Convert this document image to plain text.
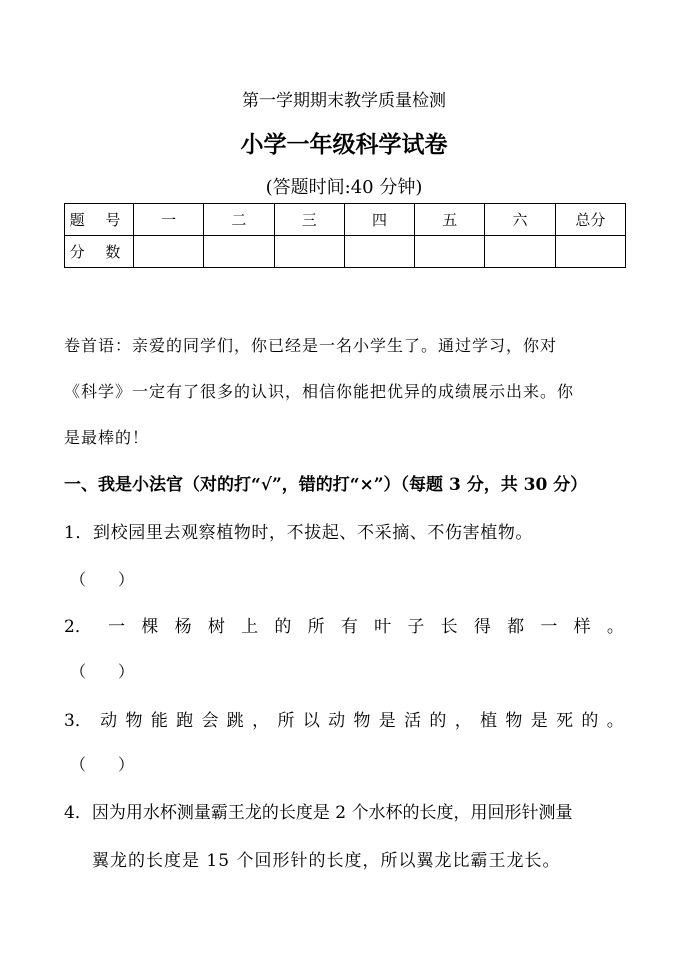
第一学期期末教学质量检测
小学一年级科学试卷
(答题时间:40 分钟)
题 号	一	二	三	四	五	六	总分
分 数							
卷首语：亲爱的同学们，你已经是一名小学生了。通过学习，你对
《科学》一定有了很多的认识，相信你能把优异的成绩展示出来。你
是最棒的！
一、我是小法官（对的打“√”，错的打“×”）（每题 3 分，共 30 分）
1．到校园里去观察植物时，不拔起、不采摘、不伤害植物。
（　　）
2． 一 棵 杨 树 上 的 所 有 叶 子 长 得 都 一 样 。
（　　）
3． 动 物 能 跑 会 跳 ， 所 以 动 物 是 活 的 ， 植 物 是 死 的 。
（　　）
4．因为用水杯测量霸王龙的长度是 2 个水杯的长度，用回形针测量
翼龙的长度是 15 个回形针的长度，所以翼龙比霸王龙长。
